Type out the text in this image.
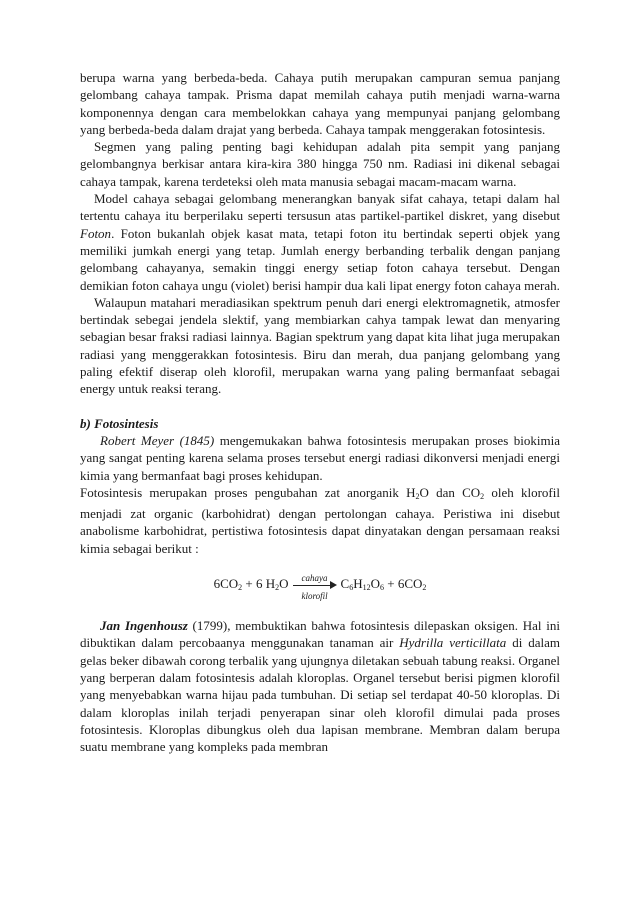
berupa warna yang berbeda-beda. Cahaya putih merupakan campuran semua panjang gelombang cahaya tampak. Prisma dapat memilah cahaya putih menjadi warna-warna komponennya dengan cara membelokkan cahaya yang mempunyai panjang gelombang yang berbeda-beda dalam drajat yang berbeda. Cahaya tampak menggerakan fotosintesis.

Segmen yang paling penting bagi kehidupan adalah pita sempit yang panjang gelombangnya berkisar antara kira-kira 380 hingga 750 nm. Radiasi ini dikenal sebagai cahaya tampak, karena terdeteksi oleh mata manusia sebagai macam-macam warna.

Model cahaya sebagai gelombang menerangkan banyak sifat cahaya, tetapi dalam hal tertentu cahaya itu berperilaku seperti tersusun atas partikel-partikel diskret, yang disebut Foton. Foton bukanlah objek kasat mata, tetapi foton itu bertindak seperti objek yang memiliki jumkah energi yang tetap. Jumlah energy berbanding terbalik dengan panjang gelombang cahayanya, semakin tinggi energy setiap foton cahaya tersebut. Dengan demikian foton cahaya ungu (violet) berisi hampir dua kali lipat energy foton cahaya merah.

Walaupun matahari meradiasikan spektrum penuh dari energi elektromagnetik, atmosfer bertindak sebegai jendela slektif, yang membiarkan cahya tampak lewat dan menyaring sebagian besar fraksi radiasi lainnya. Bagian spektrum yang dapat kita lihat juga merupakan radiasi yang menggerakkan fotosintesis. Biru dan merah, dua panjang gelombang yang paling efektif diserap oleh klorofil, merupakan warna yang paling bermanfaat sebagai energy untuk reaksi terang.

b) Fotosintesis

Robert Meyer (1845) mengemukakan bahwa fotosintesis merupakan proses biokimia yang sangat penting karena selama proses tersebut energi radiasi dikonversi menjadi energi kimia yang bermanfaat bagi proses kehidupan.

Fotosintesis merupakan proses pengubahan zat anorganik $H_2O$ dan $CO_2$ oleh klorofil menjadi zat organic (karbohidrat) dengan pertolongan cahaya. Peristiwa ini disebut anabolisme karbohidrat, pertistiwa fotosintesis dapat dinyatakan dengan persamaan reaksi kimia sebagai berikut :

$6CO_2 + 6$ $H_2O$	cahaya
klorofil
$C_6H_{12}O_6 + 6CO_2$

Jan Ingenhousz (1799), membuktikan bahwa fotosintesis dilepaskan oksigen. Hal ini dibuktikan dalam percobaanya menggunakan tanaman air Hydrilla verticillata di dalam gelas beker dibawah corong terbalik yang ujungnya diletakan sebuah tabung reaksi. Organel yang berperan dalam fotosintesis adalah kloroplas. Organel tersebut berisi pigmen klorofil yang menyebabkan warna hijau pada tumbuhan. Di setiap sel terdapat 40-50 kloroplas. Di dalam kloroplas inilah terjadi penyerapan sinar oleh klorofil dimulai pada proses fotosintesis. Kloroplas dibungkus oleh dua lapisan membrane. Membran dalam berupa suatu membrane yang kompleks pada membran
